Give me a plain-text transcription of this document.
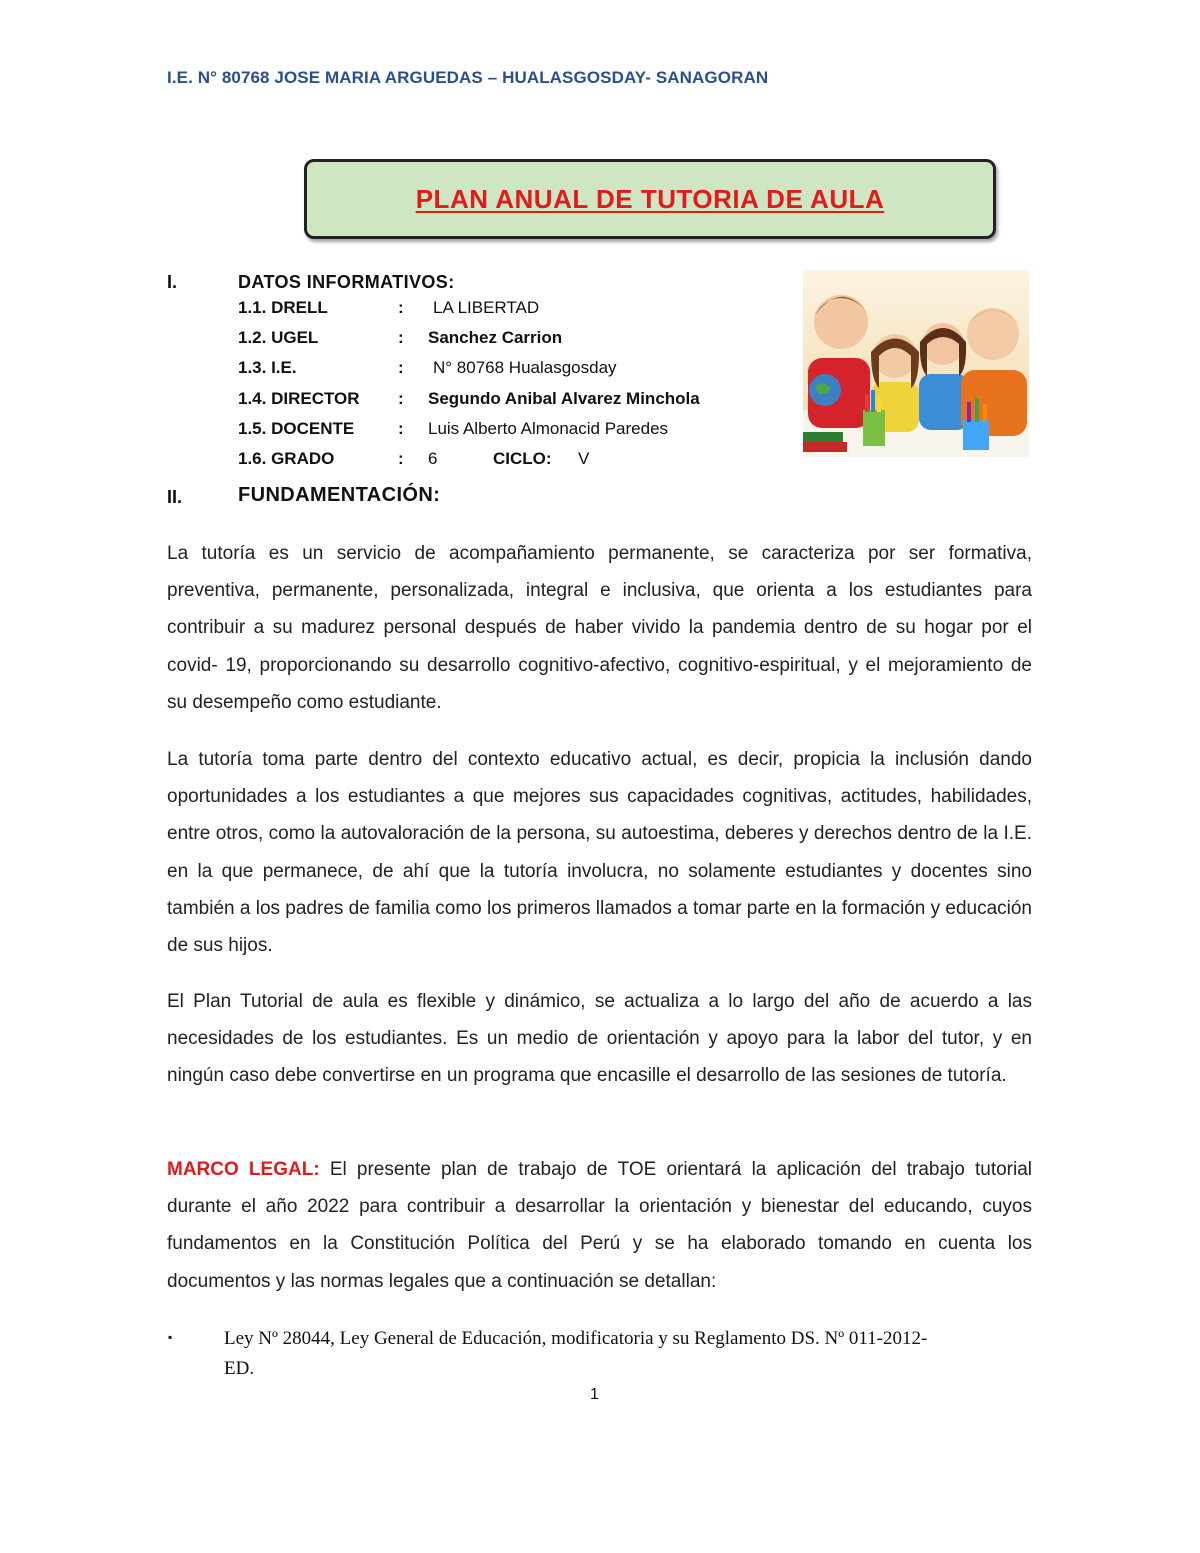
I.E. N° 80768 JOSE MARIA ARGUEDAS – HUALASGOSDAY- SANAGORAN
PLAN ANUAL DE TUTORIA DE AULA
I.	DATOS INFORMATIVOS:
1.1. DRELL	: LA LIBERTAD
1.2. UGEL	: Sanchez Carrion
1.3. I.E.	: N° 80768 Hualasgosday
1.4. DIRECTOR : Segundo Anibal Alvarez Minchola
1.5. DOCENTE	: Luis Alberto Almonacid Paredes
1.6. GRADO	: 6	CICLO: V
II.	FUNDAMENTACIÓN:

La tutoría es un servicio de acompañamiento permanente, se caracteriza por ser formativa, preventiva, permanente, personalizada, integral e inclusiva, que orienta a los estudiantes para contribuir a su madurez personal después de haber vivido la pandemia dentro de su hogar por el covid- 19, proporcionando su desarrollo cognitivo-afectivo, cognitivo-espiritual, y el mejoramiento de su desempeño como estudiante.

La tutoría toma parte dentro del contexto educativo actual, es decir, propicia la inclusión dando oportunidades a los estudiantes a que mejores sus capacidades cognitivas, actitudes, habilidades, entre otros, como la autovaloración de la persona, su autoestima, deberes y derechos dentro de la I.E. en la que permanece, de ahí que la tutoría involucra, no solamente estudiantes y docentes sino también a los padres de familia como los primeros llamados a tomar parte en la formación y educación de sus hijos.

El Plan Tutorial de aula es flexible y dinámico, se actualiza a lo largo del año de acuerdo a las necesidades de los estudiantes. Es un medio de orientación y apoyo para la labor del tutor, y en ningún caso debe convertirse en un programa que encasille el desarrollo de las sesiones de tutoría.

MARCO LEGAL: El presente plan de trabajo de TOE orientará la aplicación del trabajo tutorial durante el año 2022 para contribuir a desarrollar la orientación y bienestar del educando, cuyos fundamentos en la Constitución Política del Perú y se ha elaborado tomando en cuenta los documentos y las normas legales que a continuación se detallan:

▪	Ley Nº 28044, Ley General de Educación, modificatoria y su Reglamento DS. Nº 011-2012-ED.
1
